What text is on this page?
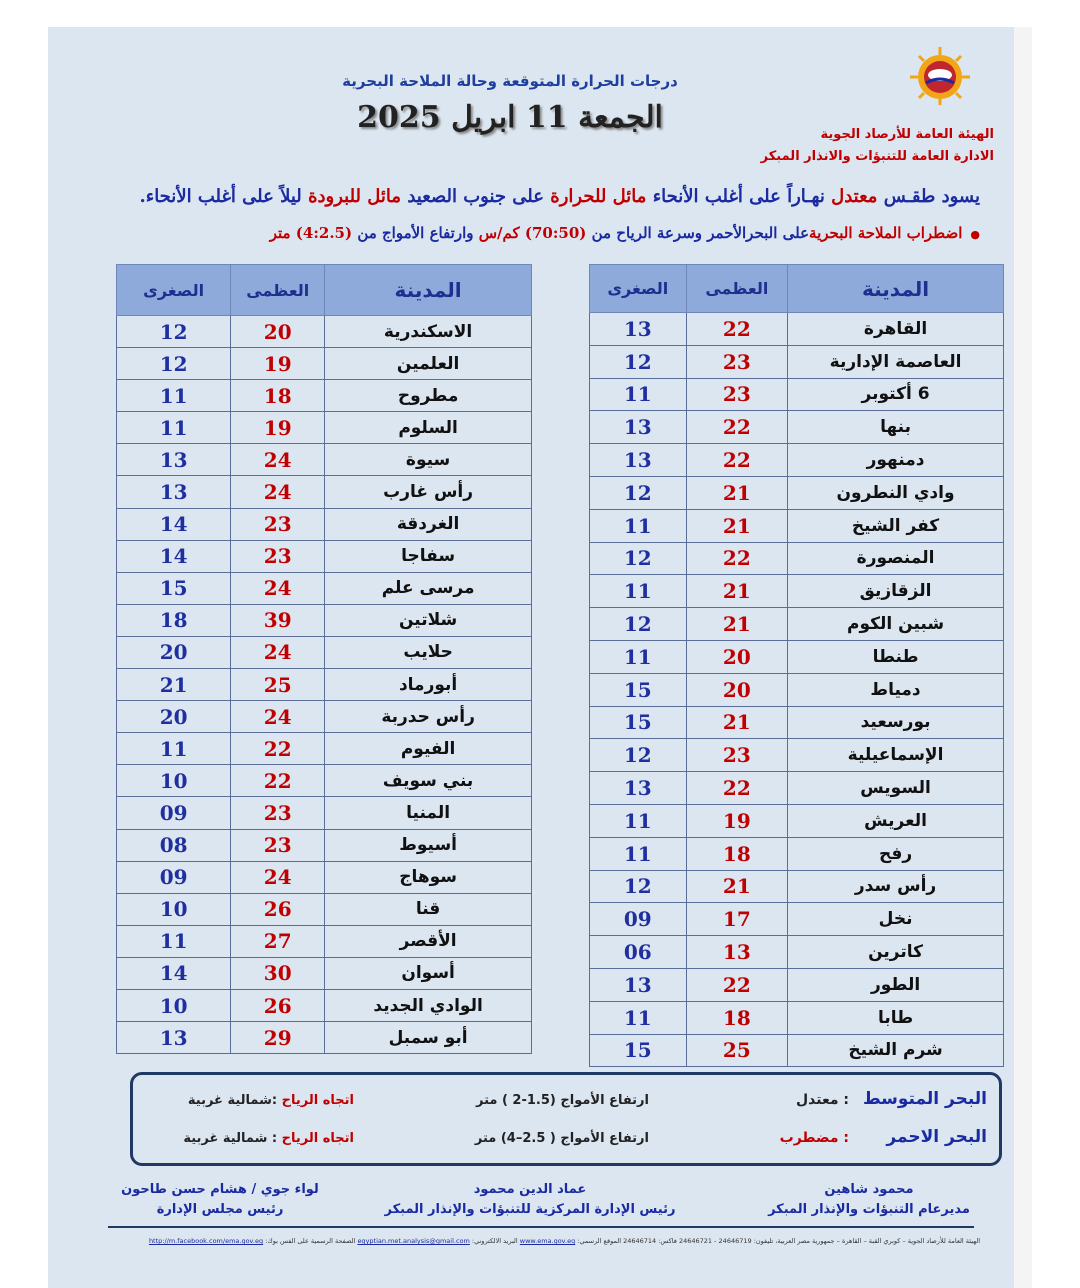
الهيئة العامة للأرصاد الجوية
الادارة العامة للتنبؤات والانذار المبكر
درجات الحرارة المتوقعة وحالة الملاحة البحرية
الجمعة 11 ابريل 2025
يسود طقـس معتدل نهـاراً على أغلب الأنحاء مائل للحرارة على جنوب الصعيد مائل للبرودة ليلاً على أغلب الأنحاء.
●اضطراب الملاحة البحريةعلى البحرالأحمر وسرعة الرياح من (70:50) كم/س وارتفاع الأمواج من (4:2.5) متر
المدينة	العظمى	الصغرى
القاهرة	22	13
العاصمة الإدارية	23	12
6 أكتوبر	23	11
بنها	22	13
دمنهور	22	13
وادي النطرون	21	12
كفر الشيخ	21	11
المنصورة	22	12
الزقازيق	21	11
شبين الكوم	21	12
طنطا	20	11
دمياط	20	15
بورسعيد	21	15
الإسماعيلية	23	12
السويس	22	13
العريش	19	11
رفح	18	11
رأس سدر	21	12
نخل	17	09
كاترين	13	06
الطور	22	13
طابا	18	11
شرم الشيخ	25	15
المدينة	العظمى	الصغرى
الاسكندرية	20	12
العلمين	19	12
مطروح	18	11
السلوم	19	11
سيوة	24	13
رأس غارب	24	13
الغردقة	23	14
سفاجا	23	14
مرسى علم	24	15
شلاتين	39	18
حلايب	24	20
أبورماد	25	21
رأس حدربة	24	20
الفيوم	22	11
بني سويف	22	10
المنيا	23	09
أسيوط	23	08
سوهاج	24	09
قنا	26	10
الأقصر	27	11
أسوان	30	14
الوادي الجديد	26	10
أبو سمبل	29	13
البحر المتوسط
: معتدل
ارتفاع الأمواج (1.5-2 ) متر
اتجاه الرياح :شمالية غربية
البحر الاحمر
: مضطرب
ارتفاع الأمواج ( 2.5–4) متر
اتجاه الرياح : شمالية غربية
محمود شاهين
مديرعام التنبؤات والإنذار المبكر
عماد الدين محمود
رئيس الإدارة المركزية للتنبؤات والإنذار المبكر
لواء جوي / هشام حسن طاحون
رئيس مجلس الإدارة
الهيئة العامة للأرصاد الجوية – كوبري القبة – القاهرة – جمهورية مصر العربية، تليفون: 24646719 - 24646721 فاكس: 24646714 الموقع الرسمي: www.ema.gov.eg البريد الالكتروني: egyptian.met.analysis@gmail.com الصفحة الرسمية على الفس بوك: http://m.facebook.com/ema.gov.eg
